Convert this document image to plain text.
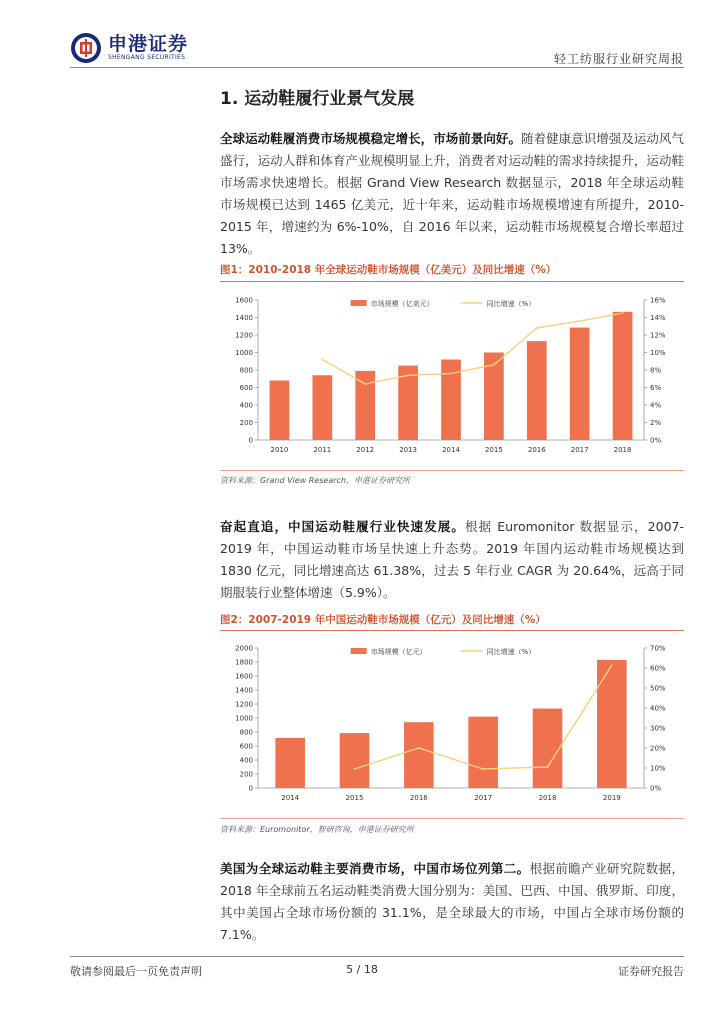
申港证券
SHENGANG SECURITIES	轻工纺服行业研究周报
1. 运动鞋履行业景气发展
全球运动鞋履消费市场规模稳定增长，市场前景向好。随着健康意识增强及运动风气盛行，运动人群和体育产业规模明显上升，消费者对运动鞋的需求持续提升，运动鞋市场需求快速增长。根据 Grand View Research 数据显示，2018 年全球运动鞋市场规模已达到 1465 亿美元，近十年来，运动鞋市场规模增速有所提升，2010-2015 年，增速约为 6%-10%，自 2016 年以来，运动鞋市场规模复合增长率超过 13%。
图1：2010-2018 年全球运动鞋市场规模（亿美元）及同比增速（%）
0
200
400
600
800
1000
1200
1400
1600
0%
2%
4%
6%
8%
10%
12%
14%
16%
2010	2011	2012	2013	2014	2015	2016	2017	2018
市场规模（亿美元）	同比增速（%）
资料来源：Grand View Research，申港证券研究所
奋起直追，中国运动鞋履行业快速发展。根据 Euromonitor 数据显示，2007-2019 年，中国运动鞋市场呈快速上升态势。2019 年国内运动鞋市场规模达到 1830 亿元，同比增速高达 61.38%，过去 5 年行业 CAGR 为 20.64%，远高于同期服装行业整体增速（5.9%）。
图2：2007-2019 年中国运动鞋市场规模（亿元）及同比增速（%）
0
200
400
600
800
1000
1200
1400
1600
1800
2000
0%
10%
20%
30%
40%
50%
60%
70%
2014	2015	2016	2017	2018	2019
市场规模（亿元）	同比增速（%）
资料来源：Euromonitor，智研咨询，申港证券研究所
美国为全球运动鞋主要消费市场，中国市场位列第二。根据前瞻产业研究院数据，2018 年全球前五名运动鞋类消费大国分别为：美国、巴西、中国、俄罗斯、印度，其中美国占全球市场份额的 31.1%，是全球最大的市场，中国占全球市场份额的 7.1%。
敬请参阅最后一页免责声明	5 / 18	证券研究报告
